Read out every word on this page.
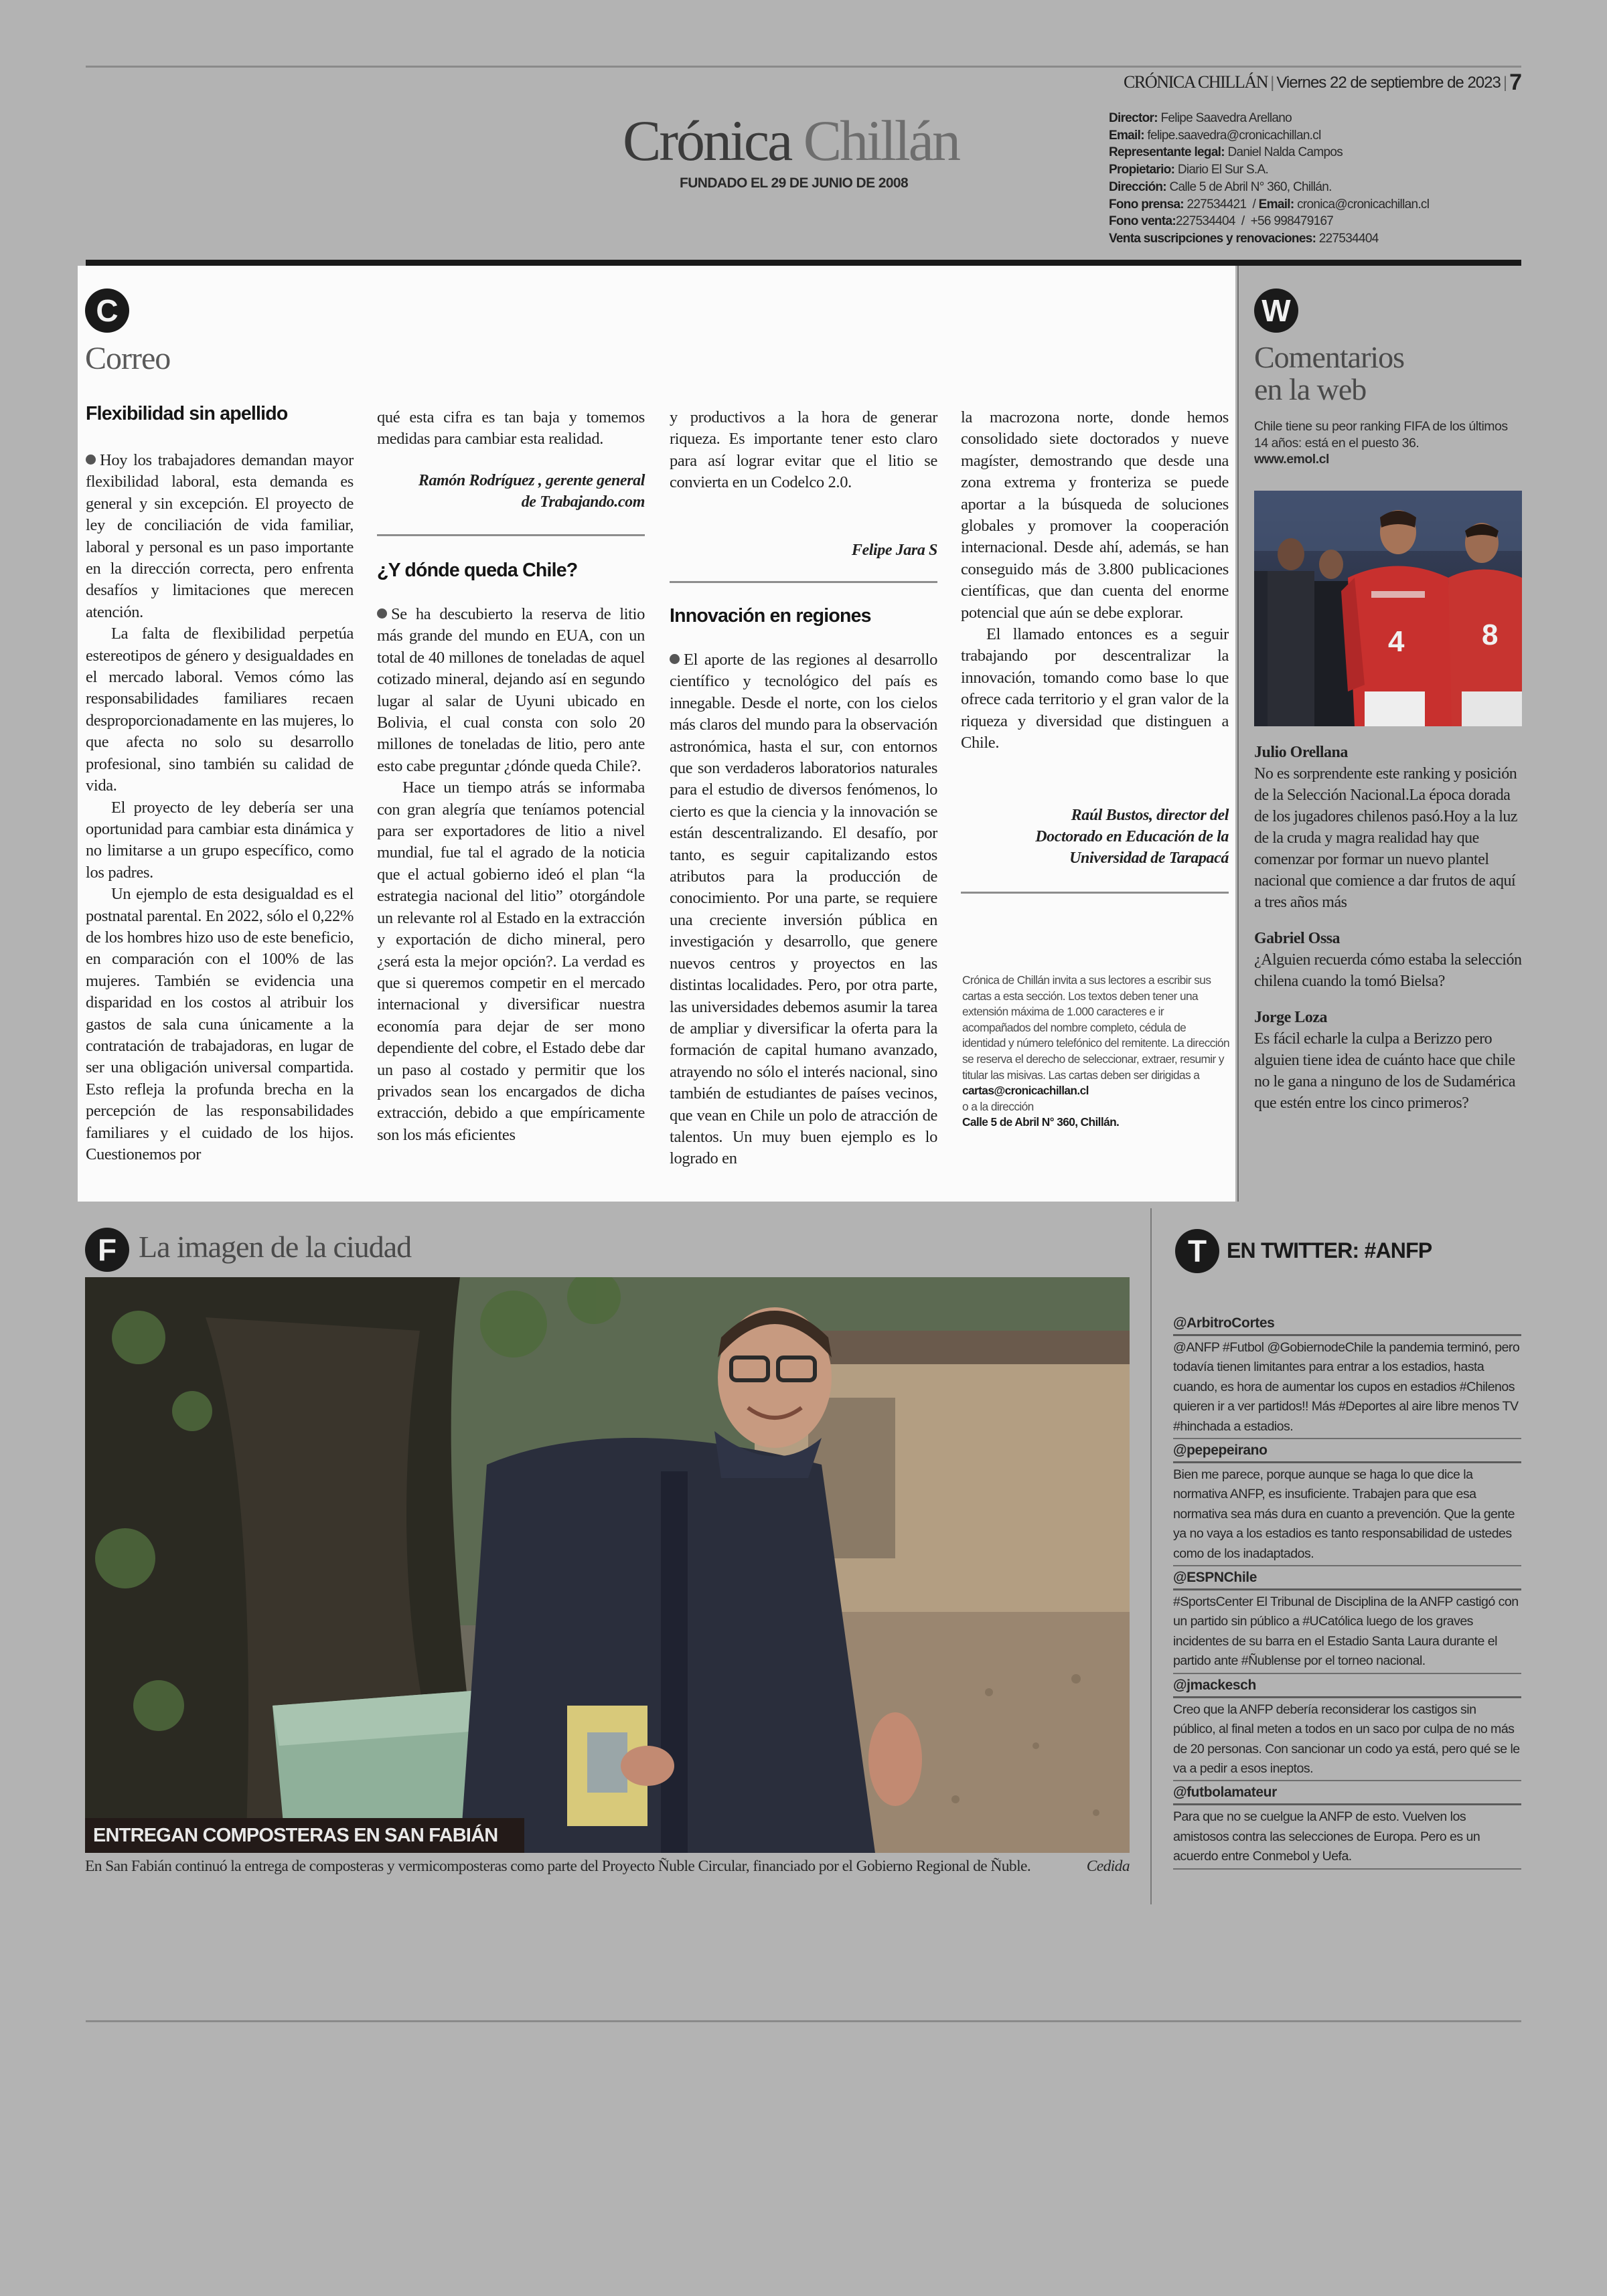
CRÓNICA CHILLÁN | Viernes 22 de septiembre de 2023 | 7
Crónica Chillán
FUNDADO EL 29 DE JUNIO DE 2008
Director: Felipe Saavedra Arellano
Email: felipe.saavedra@cronicachillan.cl
Representante legal: Daniel Nalda Campos
Propietario: Diario El Sur S.A.
Dirección: Calle 5 de Abril N° 360, Chillán.
Fono prensa: 227534421  / Email: cronica@cronicachillan.cl
Fono venta:227534404  /  +56 998479167
Venta suscripciones y renovaciones: 227534404
C
Correo
Flexibilidad sin apellido

Hoy los trabajadores demandan mayor flexibilidad laboral, esta demanda es general y sin excepción. El proyecto de ley de conciliación de vida familiar, laboral y personal es un paso importante en la dirección correcta, pero enfrenta desafíos y limitaciones que merecen atención.

La falta de flexibilidad perpetúa estereotipos de género y desigualdades en el mercado laboral. Vemos cómo las responsabilidades familiares recaen desproporcionadamente en las mujeres, lo que afecta no solo su desarrollo profesional, sino también su calidad de vida.

El proyecto de ley debería ser una oportunidad para cambiar esta dinámica y no limitarse a un grupo específico, como los padres.

Un ejemplo de esta desigualdad es el postnatal parental. En 2022, sólo el 0,22% de los hombres hizo uso de este beneficio, en comparación con el 100% de las mujeres. También se evidencia una disparidad en los costos al atribuir los gastos de sala cuna únicamente a la contratación de trabajadoras, en lugar de ser una obligación universal compartida. Esto refleja la profunda brecha en la percepción de las responsabilidades familiares y el cuidado de los hijos. Cuestionemos por

qué esta cifra es tan baja y tomemos medidas para cambiar esta realidad.

Ramón Rodríguez , gerente general
de Trabajando.com
¿Y dónde queda Chile?

Se ha descubierto la reserva de litio más grande del mundo en EUA, con un total de 40 millones de toneladas de aquel cotizado mineral, dejando así en segundo lugar al salar de Uyuni ubicado en Bolivia, el cual consta con solo 20 millones de toneladas de litio, pero ante esto cabe preguntar ¿dónde queda Chile?.

Hace un tiempo atrás se informaba con gran alegría que teníamos potencial para ser exportadores de litio a nivel mundial, fue tal el agrado de la noticia que el actual gobierno ideó el plan “la estrategia nacional del litio” otorgándole un relevante rol al Estado en la extracción y exportación de dicho mineral, pero ¿será esta la mejor opción?. La verdad es que si queremos competir en el mercado internacional y diversificar nuestra economía para dejar de ser mono dependiente del cobre, el Estado debe dar un paso al costado y permitir que los privados sean los encargados de dicha extracción, debido a que empíricamente son los más eficientes

y productivos a la hora de generar riqueza. Es importante tener esto claro para así lograr evitar que el litio se convierta en un Codelco 2.0.

Felipe Jara S
Innovación en regiones

El aporte de las regiones al desarrollo científico y tecnológico del país es innegable. Desde el norte, con los cielos más claros del mundo para la observación astronómica, hasta el sur, con entornos que son verdaderos laboratorios naturales para el estudio de diversos fenómenos, lo cierto es que la ciencia y la innovación se están descentralizando. El desafío, por tanto, es seguir capitalizando estos atributos para la producción de conocimiento. Por una parte, se requiere una creciente inversión pública en investigación y desarrollo, que genere nuevos centros y proyectos en las distintas localidades. Pero, por otra parte, las universidades debemos asumir la tarea de ampliar y diversificar la oferta para la formación de capital humano avanzado, atrayendo no sólo el interés nacional, sino también de estudiantes de países vecinos, que vean en Chile un polo de atracción de talentos. Un muy buen ejemplo es lo logrado en

la macrozona norte, donde hemos consolidado siete doctorados y nueve magíster, demostrando que desde una zona extrema y fronteriza se puede aportar a la búsqueda de soluciones globales y promover la cooperación internacional. Desde ahí, además, se han conseguido más de 3.800 publicaciones científicas, que dan cuenta del enorme potencial que aún se debe explorar.

El llamado entonces es a seguir trabajando por descentralizar la innovación, tomando como base lo que ofrece cada territorio y el gran valor de la riqueza y diversidad que distinguen a Chile.

Raúl Bustos, director del
Doctorado en Educación de la
Universidad de Tarapacá
Crónica de Chillán invita a sus lectores a escribir sus cartas a esta sección. Los textos deben tener una extensión máxima de 1.000 caracteres e ir acompañados del nombre completo, cédula de identidad y número telefónico del remitente. La dirección se reserva el derecho de seleccionar, extraer, resumir y titular las misivas. Las cartas deben ser dirigidas a
cartas@cronicachillan.cl
o a la dirección
Calle 5 de Abril N° 360, Chillán.
W
Comentarios
en la web
Chile tiene su peor ranking FIFA de los últimos 14 años: está en el puesto 36.
www.emol.cl
4	8
Julio Orellana
No es sorprendente este ranking y posición de la Selección Nacional.La época dorada de los jugadores chilenos pasó.Hoy a la luz de la cruda y magra realidad hay que comenzar por formar un nuevo plantel nacional que comience a dar frutos de aquí a tres años más
Gabriel Ossa
¿Alguien recuerda cómo estaba la selección chilena cuando la tomó Bielsa?
Jorge Loza
Es fácil echarle la culpa a Berizzo pero alguien tiene idea de cuánto hace que chile no le gana a ninguno de los de Sudamérica que estén entre los cinco primeros?
F La imagen de la ciudad
ENTREGAN COMPOSTERAS EN SAN FABIÁN
En San Fabián continuó la entrega de composteras y vermicomposteras como parte del Proyecto Ñuble Circular, financiado por el Gobierno Regional de Ñuble.	Cedida
T EN TWITTER: #ANFP
@ArbitroCortes
@ANFP #Futbol @GobiernodeChile la pandemia terminó, pero todavía tienen limitantes para entrar a los estadios, hasta cuando, es hora de aumentar los cupos en estadios #Chilenos quieren ir a ver partidos!! Más #Deportes al aire libre menos TV #hinchada a estadios.
@pepepeirano
Bien me parece, porque aunque se haga lo que dice la normativa ANFP, es insuficiente. Trabajen para que esa normativa sea más dura en cuanto a prevención. Que la gente ya no vaya a los estadios es tanto responsabilidad de ustedes como de los inadaptados.
@ESPNChile
#SportsCenter El Tribunal de Disciplina de la ANFP castigó con un partido sin público a #UCatólica luego de los graves incidentes de su barra en el Estadio Santa Laura durante el partido ante #Ñublense por el torneo nacional.
@jmackesch
Creo que la ANFP debería reconsiderar los castigos sin público, al final meten a todos en un saco por culpa de no más de 20 personas. Con sancionar un codo ya está, pero qué se le va a pedir a esos ineptos.
@futbolamateur
Para que no se cuelgue la ANFP de esto. Vuelven los amistosos contra las selecciones de Europa. Pero es un acuerdo entre Conmebol y Uefa.
